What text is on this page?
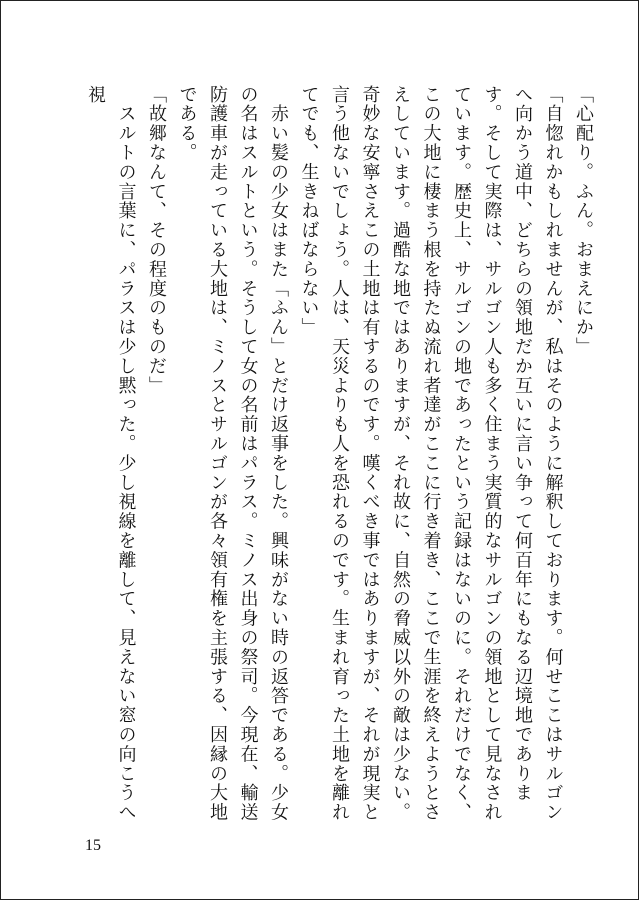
「心配り。ふん。おまえにか」

「自惚れかもしれませんが、私はそのように解釈しております。何せここはサルゴンへ向かう道中、どちらの領地だか互いに言い争って何百年にもなる辺境地であります。そして実際は、サルゴン人も多く住まう実質的なサルゴンの領地として見なされています。歴史上、サルゴンの地であったという記録はないのに。それだけでなく、この大地に棲まう根を持たぬ流れ者達がここに行き着き、ここで生涯を終えようとさえしています。過酷な地ではありますが、それ故に、自然の脅威以外の敵は少ない。奇妙な安寧さえこの土地は有するのです。嘆くべき事ではありますが、それが現実と言う他ないでしょう。人は、天災よりも人を恐れるのです。生まれ育った土地を離れてでも、生きねばならない」

　赤い髪の少女はまた「ふん」とだけ返事をした。興味がない時の返答である。少女の名はスルトという。そうして女の名前はパラス。ミノス出身の祭司。今現在、輸送防護車が走っている大地は、ミノスとサルゴンが各々領有権を主張する、因縁の大地である。

「故郷なんて、その程度のものだ」

　スルトの言葉に、パラスは少し黙った。少し視線を離して、見えない窓の向こうへ視

15
